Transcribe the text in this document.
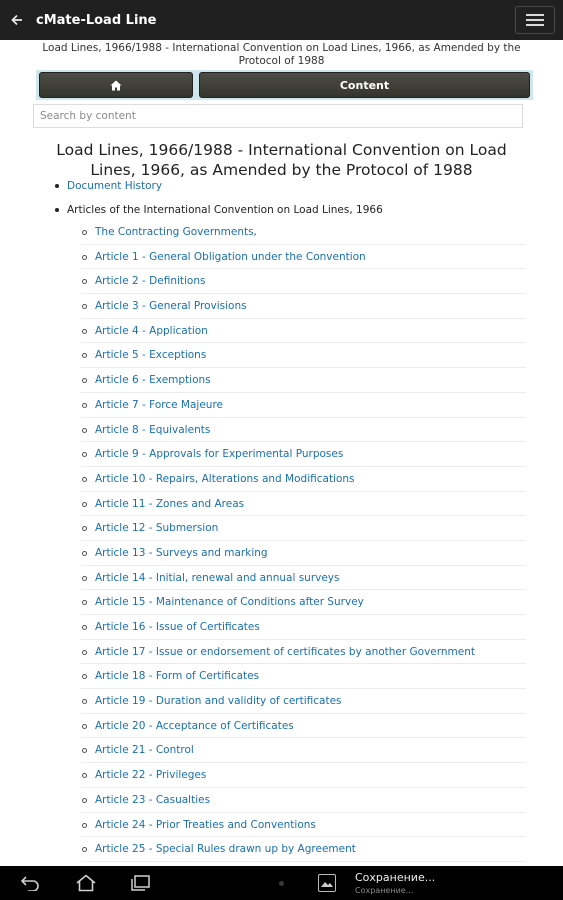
cMate-Load Line
Load Lines, 1966/1988 - International Convention on Load Lines, 1966, as Amended by the Protocol of 1988
Content
Search by content
Load Lines, 1966/1988 - International Convention on Load Lines, 1966, as Amended by the Protocol of 1988
Document History
Articles of the International Convention on Load Lines, 1966
The Contracting Governments,
Article 1 - General Obligation under the Convention
Article 2 - Definitions
Article 3 - General Provisions
Article 4 - Application
Article 5 - Exceptions
Article 6 - Exemptions
Article 7 - Force Majeure
Article 8 - Equivalents
Article 9 - Approvals for Experimental Purposes
Article 10 - Repairs, Alterations and Modifications
Article 11 - Zones and Areas
Article 12 - Submersion
Article 13 - Surveys and marking
Article 14 - Initial, renewal and annual surveys
Article 15 - Maintenance of Conditions after Survey
Article 16 - Issue of Certificates
Article 17 - Issue or endorsement of certificates by another Government
Article 18 - Form of Certificates
Article 19 - Duration and validity of certificates
Article 20 - Acceptance of Certificates
Article 21 - Control
Article 22 - Privileges
Article 23 - Casualties
Article 24 - Prior Treaties and Conventions
Article 25 - Special Rules drawn up by Agreement
Сохранение...
Сохранение...
